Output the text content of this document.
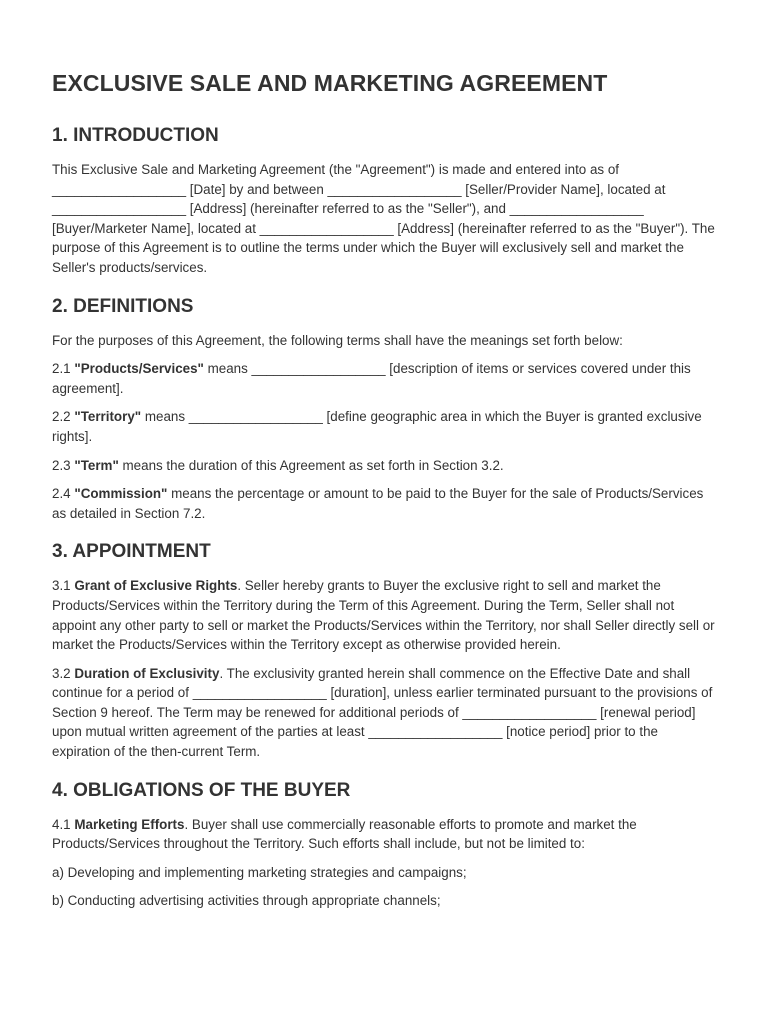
EXCLUSIVE SALE AND MARKETING AGREEMENT
1. INTRODUCTION

This Exclusive Sale and Marketing Agreement (the "Agreement") is made and entered into as of __________________ [Date] by and between __________________ [Seller/Provider Name], located at __________________ [Address] (hereinafter referred to as the "Seller"), and __________________ [Buyer/Marketer Name], located at __________________ [Address] (hereinafter referred to as the "Buyer"). The purpose of this Agreement is to outline the terms under which the Buyer will exclusively sell and market the Seller's products/services.

2. DEFINITIONS

For the purposes of this Agreement, the following terms shall have the meanings set forth below:

2.1 "Products/Services" means __________________ [description of items or services covered under this agreement].

2.2 "Territory" means __________________ [define geographic area in which the Buyer is granted exclusive rights].

2.3 "Term" means the duration of this Agreement as set forth in Section 3.2.

2.4 "Commission" means the percentage or amount to be paid to the Buyer for the sale of Products/Services as detailed in Section 7.2.

3. APPOINTMENT

3.1 Grant of Exclusive Rights. Seller hereby grants to Buyer the exclusive right to sell and market the Products/Services within the Territory during the Term of this Agreement. During the Term, Seller shall not appoint any other party to sell or market the Products/Services within the Territory, nor shall Seller directly sell or market the Products/Services within the Territory except as otherwise provided herein.

3.2 Duration of Exclusivity. The exclusivity granted herein shall commence on the Effective Date and shall continue for a period of __________________ [duration], unless earlier terminated pursuant to the provisions of Section 9 hereof. The Term may be renewed for additional periods of __________________ [renewal period] upon mutual written agreement of the parties at least __________________ [notice period] prior to the expiration of the then-current Term.

4. OBLIGATIONS OF THE BUYER

4.1 Marketing Efforts. Buyer shall use commercially reasonable efforts to promote and market the Products/Services throughout the Territory. Such efforts shall include, but not be limited to:

a) Developing and implementing marketing strategies and campaigns;

b) Conducting advertising activities through appropriate channels;
